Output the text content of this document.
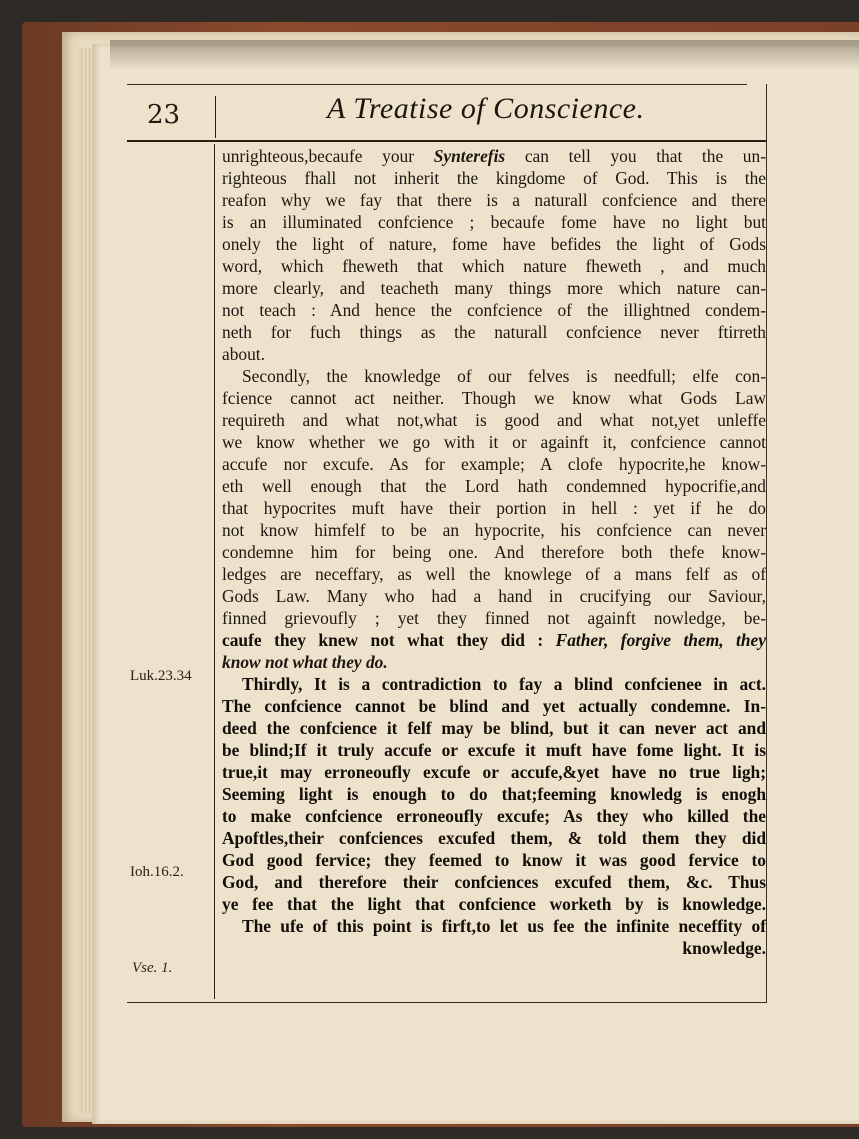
23	A Treatise of Conscience.
Luk.23.34
Ioh.16.2.
Vse. 1.
unrighteous,becaufe your Synterefis can tell you that the un-
righteous fhall not inherit the kingdome of God. This is the
reafon why we fay that there is a naturall confcience and there
is an illuminated confcience ; becaufe fome have no light but
onely the light of nature, fome have befides the light of Gods
word, which fheweth that which nature fheweth , and much
more clearly, and teacheth many things more which nature can-
not teach : And hence the confcience of the illightned condem-
neth for fuch things as the naturall confcience never ftirreth
about.
Secondly, the knowledge of our felves is needfull; elfe con-
fcience cannot act neither. Though we know what Gods Law
requireth and what not,what is good and what not,yet unleffe
we know whether we go with it or againft it, confcience cannot
accufe nor excufe. As for example; A clofe hypocrite,he know-
eth well enough that the Lord hath condemned hypocrifie,and
that hypocrites muft have their portion in hell : yet if he do
not know himfelf to be an hypocrite, his confcience can never
condemne him for being one. And therefore both thefe know-
ledges are neceffary, as well the knowlege of a mans felf as of
Gods Law. Many who had a hand in crucifying our Saviour,
finned grievoufly ; yet they finned not againft nowledge, be-
caufe they knew not what they did : Father, forgive them, they
know not what they do.
Thirdly, It is a contradiction to fay a blind confcienee in act.
The confcience cannot be blind and yet actually condemne. In-
deed the confcience it felf may be blind, but it can never act and
be blind;If it truly accufe or excufe it muft have fome light. It is
true,it may erroneoufly excufe or accufe,&yet have no true ligh;
Seeming light is enough to do that;feeming knowledg is enogh
to make confcience erroneoufly excufe; As they who killed the
Apoftles,their confciences excufed them, & told them they did
God good fervice; they feemed to know it was good fervice to
God, and therefore their confciences excufed them, &c. Thus
ye fee that the light that confcience worketh by is knowledge.
The ufe of this point is firft,to let us fee the infinite neceffity of
knowledge.
